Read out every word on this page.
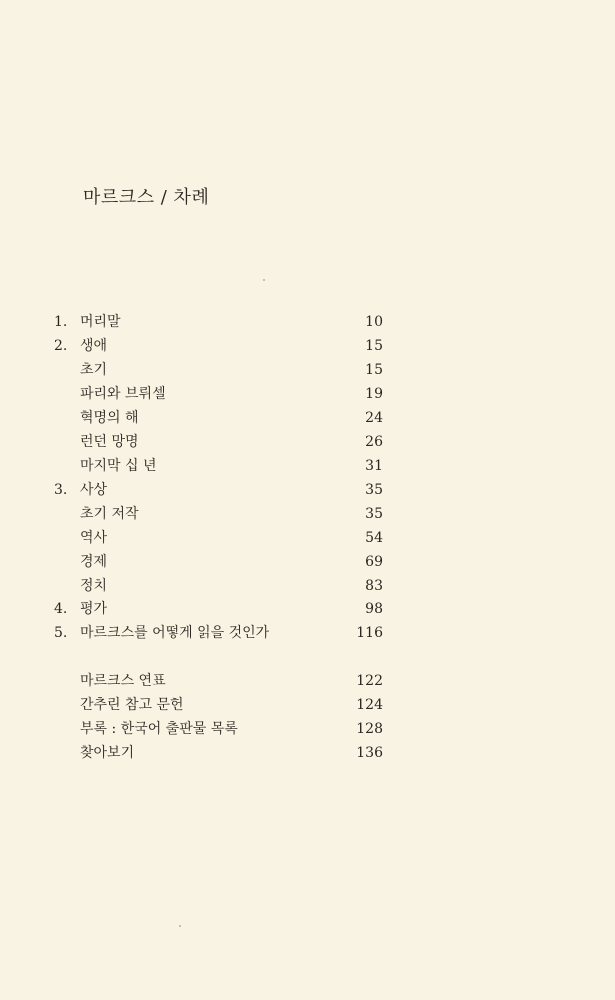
마르크스 / 차례
1. 머리말	10
2. 생애	15
초기	15
파리와 브뤼셀	19
혁명의 해	24
런던 망명	26
마지막 십 년	31
3. 사상	35
초기 저작	35
역사	54
경제	69
정치	83
4. 평가	98
5. 마르크스를 어떻게 읽을 것인가	116
마르크스 연표	122
간추린 참고 문헌	124
부록 : 한국어 출판물 목록	128
찾아보기	136
